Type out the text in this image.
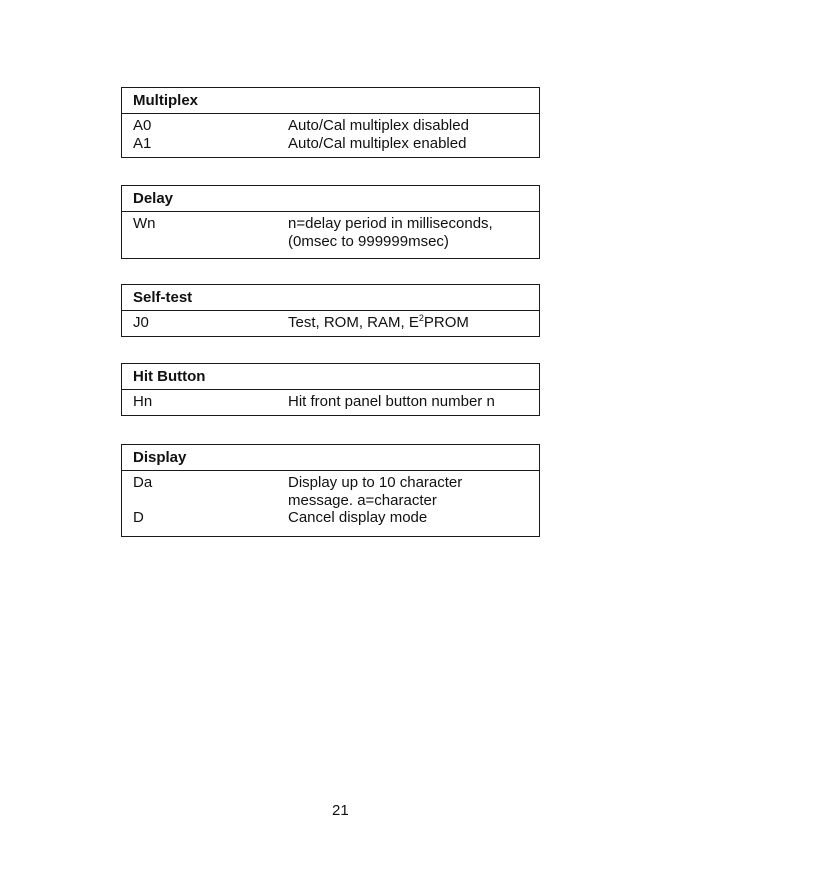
Multiplex
A0	Auto/Cal multiplex disabled
A1	Auto/Cal multiplex enabled
Delay
Wn	n=delay period in milliseconds,
(0msec to 999999msec)
Self-test
J0	Test, ROM, RAM, $E^2PROM$
Hit Button
Hn	Hit front panel button number n
Display
Da	Display up to 10 character
message. a=character
D	Cancel display mode
21
